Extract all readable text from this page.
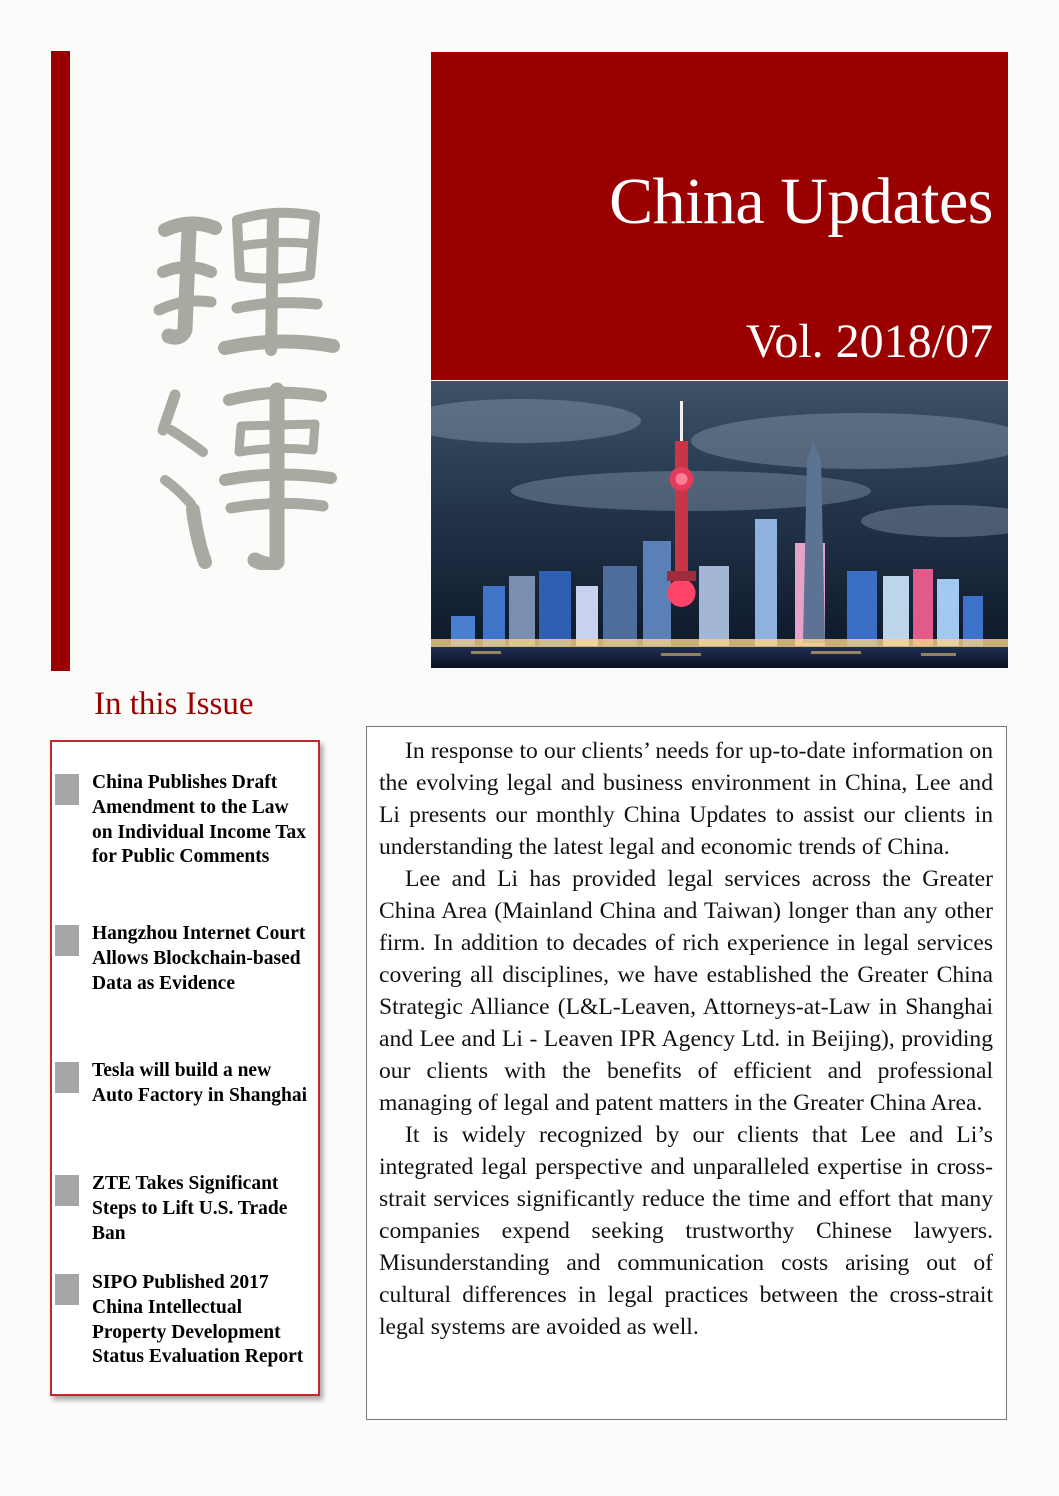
China Updates
Vol. 2018/07
In this Issue
China Publishes Draft Amendment to the Law on Individual Income Tax for Public Comments
Hangzhou Internet Court Allows Blockchain-based Data as Evidence
Tesla will build a new Auto Factory in Shanghai
ZTE Takes Significant Steps to Lift U.S. Trade Ban
SIPO Published 2017 China Intellectual Property Development Status Evaluation Report

In response to our clients’ needs for up-to-date information on the evolving legal and business environment in China, Lee and Li presents our monthly China Updates to assist our clients in understanding the latest legal and economic trends of China.

Lee and Li has provided legal services across the Greater China Area (Mainland China and Taiwan) longer than any other firm. In addition to decades of rich experience in legal services covering all disciplines, we have established the Greater China Strategic Alliance (L&L-Leaven, Attorneys-at-Law in Shanghai and Lee and Li - Leaven IPR Agency Ltd. in Beijing), providing our clients with the benefits of efficient and professional managing of legal and patent matters in the Greater China Area.

It is widely recognized by our clients that Lee and Li’s integrated legal perspective and unparalleled expertise in cross-strait services significantly reduce the time and effort that many companies expend seeking trustworthy Chinese lawyers. Misunderstanding and communication costs arising out of cultural differences in legal practices between the cross-strait legal systems are avoided as well.
